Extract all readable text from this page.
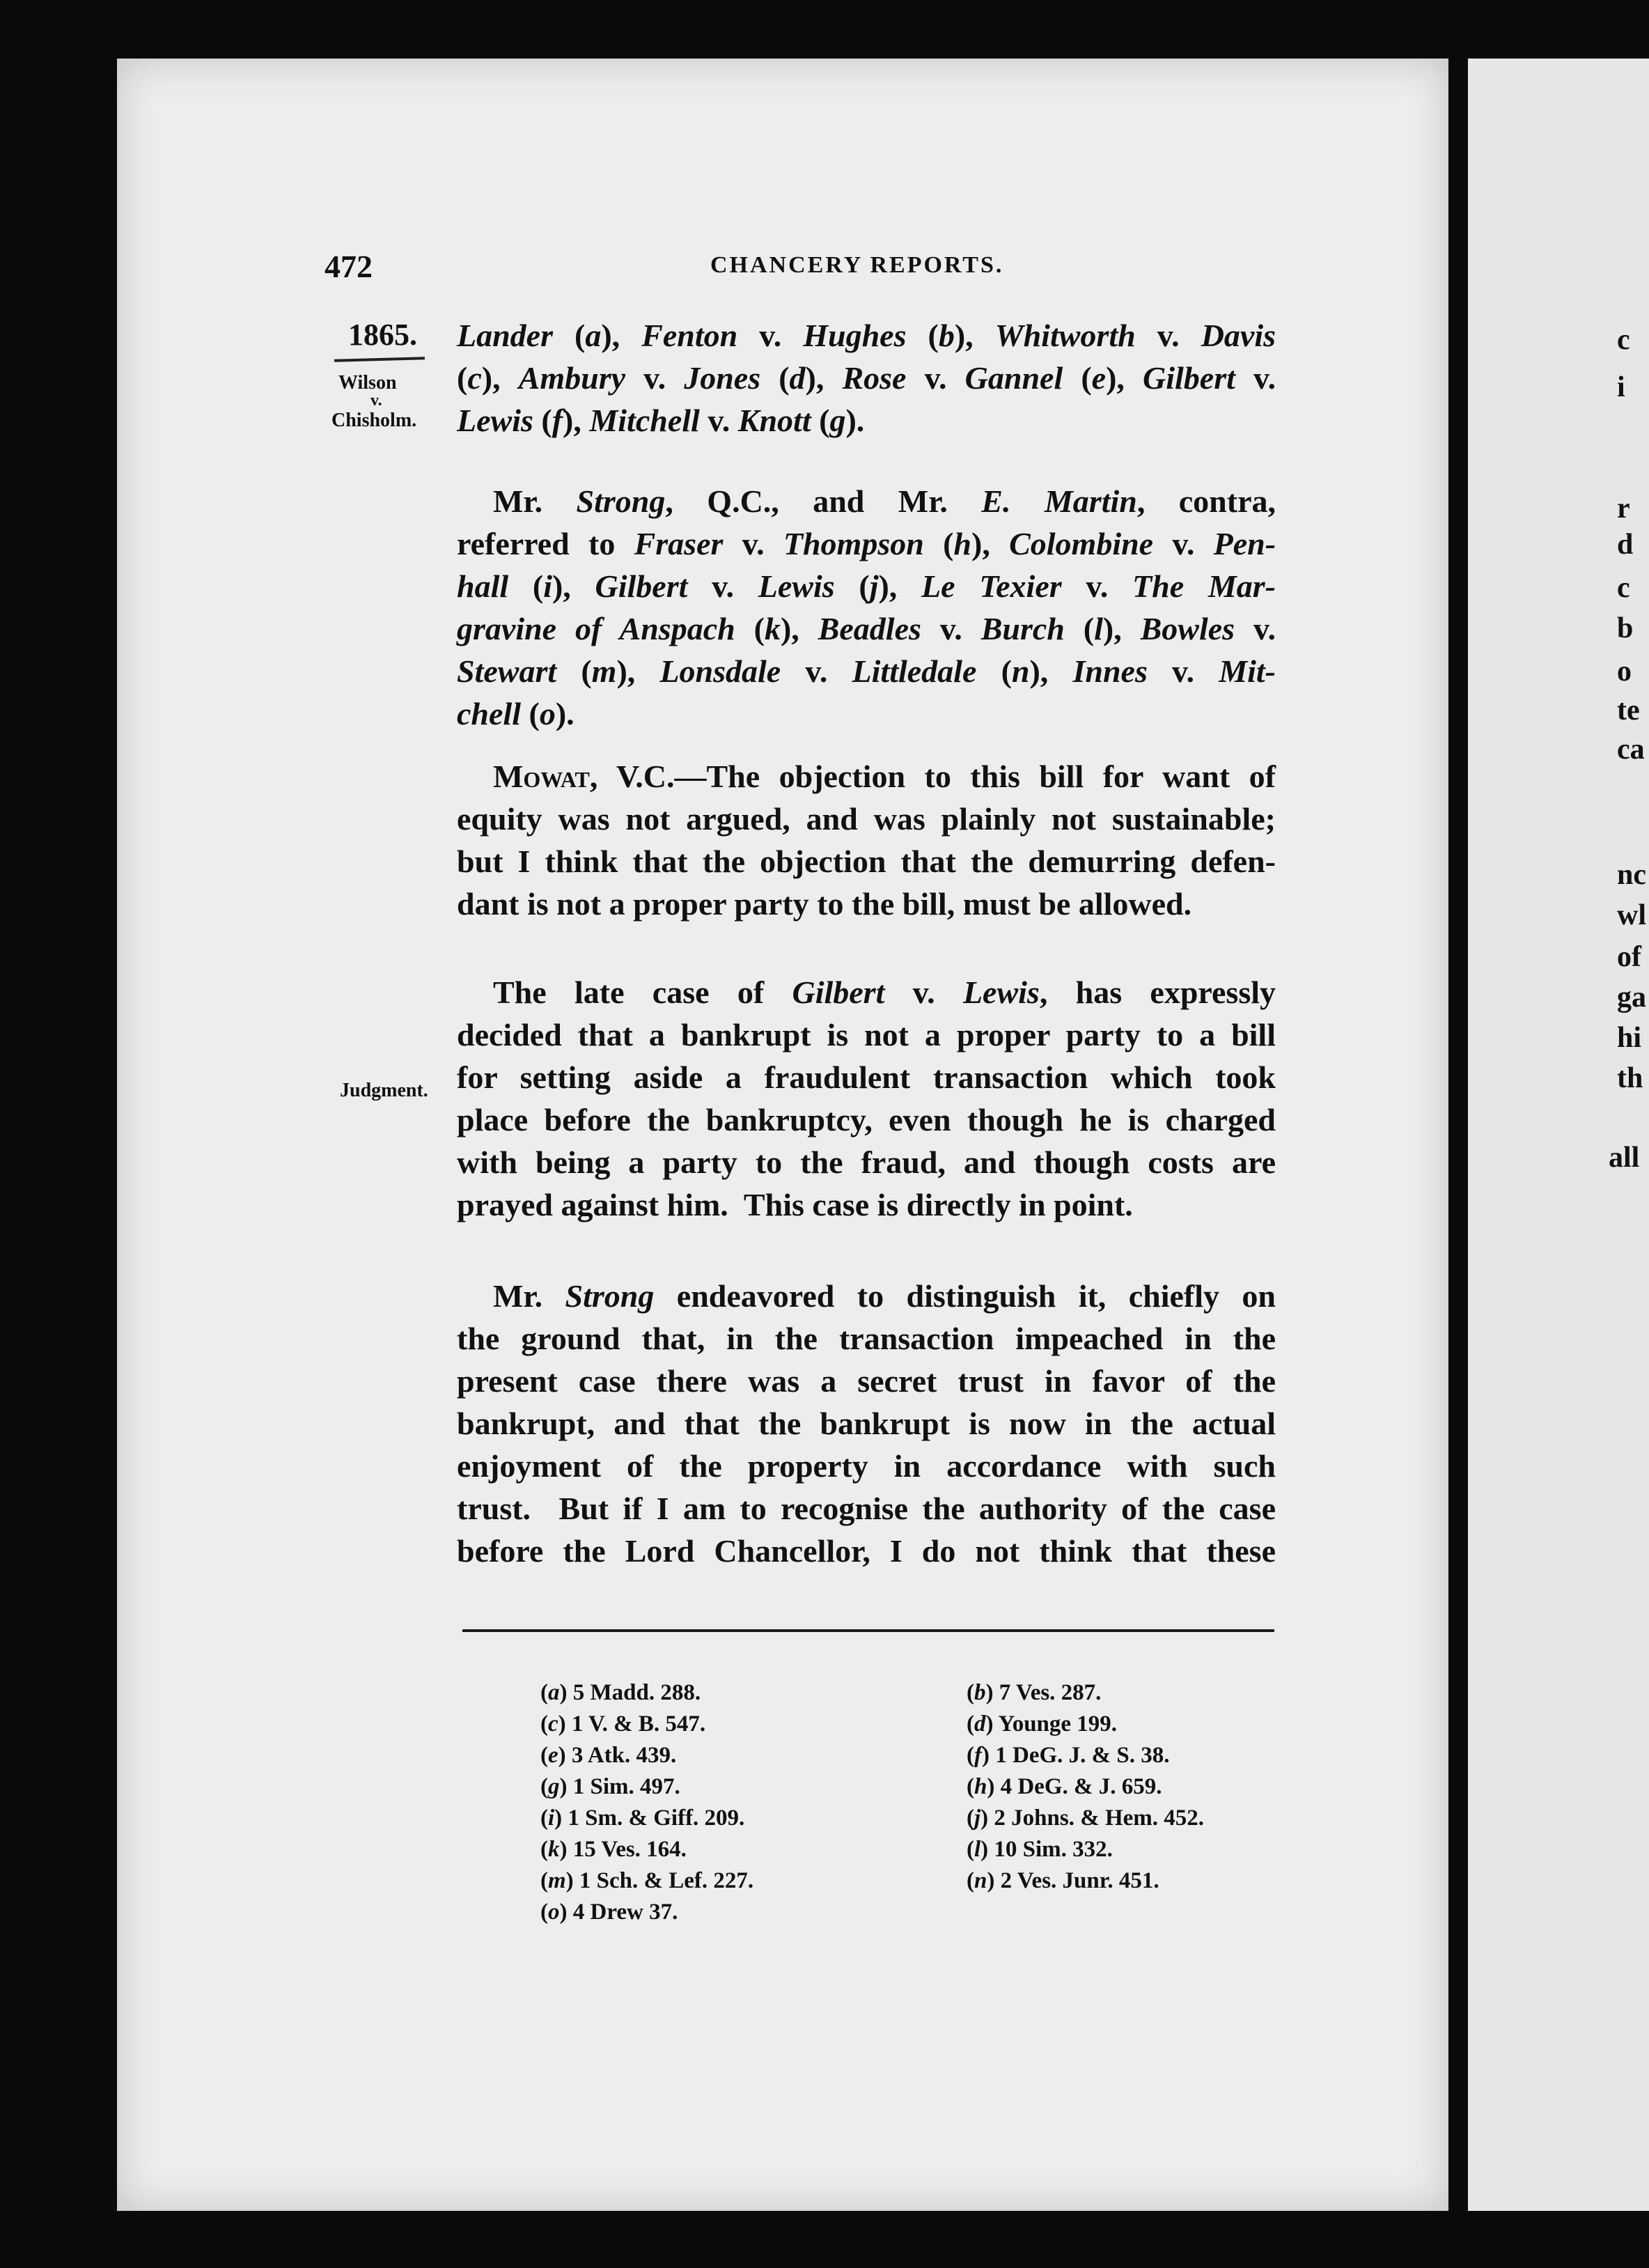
472	CHANCERY REPORTS.
1865.
Wilson
v.
Chisholm.
Judgment.
Lander (a), Fenton v. Hughes (b), Whitworth v. Davis
(c), Ambury v. Jones (d), Rose v. Gannel (e), Gilbert v.
Lewis (f), Mitchell v. Knott (g).
Mr. Strong, Q.C., and Mr. E. Martin, contra,
referred to Fraser v. Thompson (h), Colombine v. Pen-
hall (i), Gilbert v. Lewis (j), Le Texier v. The Mar-
gravine of Anspach (k), Beadles v. Burch (l), Bowles v.
Stewart (m), Lonsdale v. Littledale (n), Innes v. Mit-
chell (o).
Mowat, V.C.—The objection to this bill for want of
equity was not argued, and was plainly not sustainable;
but I think that the objection that the demurring defen-
dant is not a proper party to the bill, must be allowed.
The late case of Gilbert v. Lewis, has expressly
decided that a bankrupt is not a proper party to a bill
for setting aside a fraudulent transaction which took
place before the bankruptcy, even though he is charged
with being a party to the fraud, and though costs are
prayed against him.  This case is directly in point.
Mr. Strong endeavored to distinguish it, chiefly on
the ground that, in the transaction impeached in the
present case there was a secret trust in favor of the
bankrupt, and that the bankrupt is now in the actual
enjoyment of the property in accordance with such
trust.  But if I am to recognise the authority of the case
before the Lord Chancellor, I do not think that these
(a) 5 Madd. 288.
(c) 1 V. & B. 547.
(e) 3 Atk. 439.
(g) 1 Sim. 497.
(i) 1 Sm. & Giff. 209.
(k) 15 Ves. 164.
(m) 1 Sch. & Lef. 227.
(o) 4 Drew 37.
(b) 7 Ves. 287.
(d) Younge 199.
(f) 1 DeG. J. & S. 38.
(h) 4 DeG. & J. 659.
(j) 2 Johns. & Hem. 452.
(l) 10 Sim. 332.
(n) 2 Ves. Junr. 451.
c
i
r
d
c
b
o
te
ca
nc
wl
of
ga
hi
th
all
